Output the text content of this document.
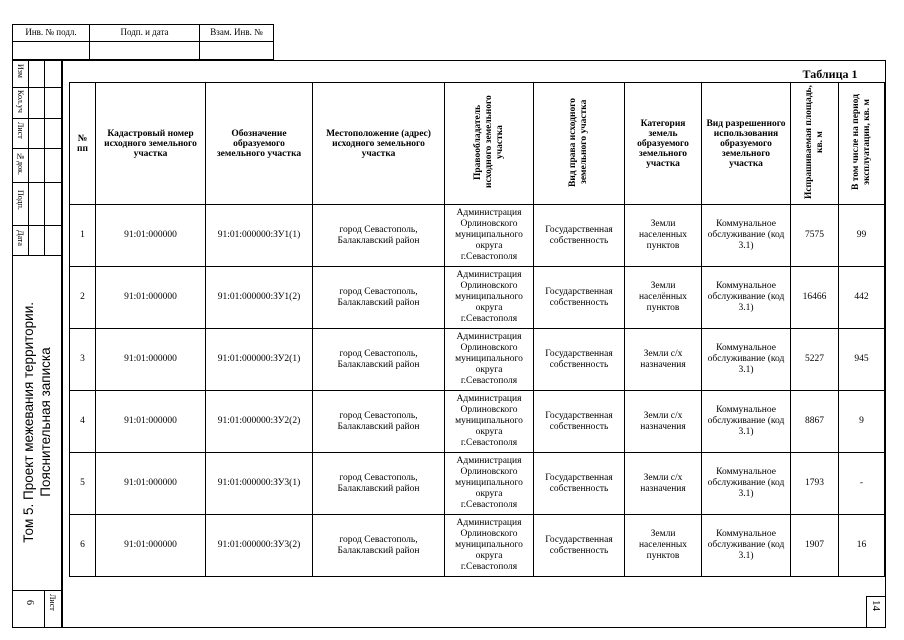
Инв. № подл.	Подп. и дата	Взам. Инв. №
Изм
Кол.уч
Лист
№док.
Подп.
Дата
Том 5. Проект межевания территории. Пояснительная записка
Лист
6
Таблица 1
№ пп	Кадастровый номер исходного земельного участка	Обозначение образуемого земельного участка	Местоположение (адрес) исходного земельного участка	Правообладатель исходного земельного участка	Вид права исходного земельного участка	Категория земель образуемого земельного участка	Вид разрешенного использования образуемого земельного участка	Испрашиваемая площадь, кв. м	В том числе на период эксплуатации, кв. м
1	91:01:000000	91:01:000000:ЗУ1(1)	город Севастополь, Балаклавский район	Администрация Орлиновского муниципального округа г.Севастополя	Государственная собственность	Земли населенных пунктов	Коммунальное обслуживание (код 3.1)	7575	99
2	91:01:000000	91:01:000000:ЗУ1(2)	город Севастополь, Балаклавский район	Администрация Орлиновского муниципального округа г.Севастополя	Государственная собственность	Земли населённых пунктов	Коммунальное обслуживание (код 3.1)	16466	442
3	91:01:000000	91:01:000000:ЗУ2(1)	город Севастополь, Балаклавский район	Администрация Орлиновского муниципального округа г.Севастополя	Государственная собственность	Земли с/х назначения	Коммунальное обслуживание (код 3.1)	5227	945
4	91:01:000000	91:01:000000:ЗУ2(2)	город Севастополь, Балаклавский район	Администрация Орлиновского муниципального округа г.Севастополя	Государственная собственность	Земли с/х назначения	Коммунальное обслуживание (код 3.1)	8867	9
5	91:01:000000	91:01:000000:ЗУ3(1)	город Севастополь, Балаклавский район	Администрация Орлиновского муниципального округа г.Севастополя	Государственная собственность	Земли с/х назначения	Коммунальное обслуживание (код 3.1)	1793	-
6	91:01:000000	91:01:000000:ЗУ3(2)	город Севастополь, Балаклавский район	Администрация Орлиновского муниципального округа г.Севастополя	Государственная собственность	Земли населенных пунктов	Коммунальное обслуживание (код 3.1)	1907	16
14
